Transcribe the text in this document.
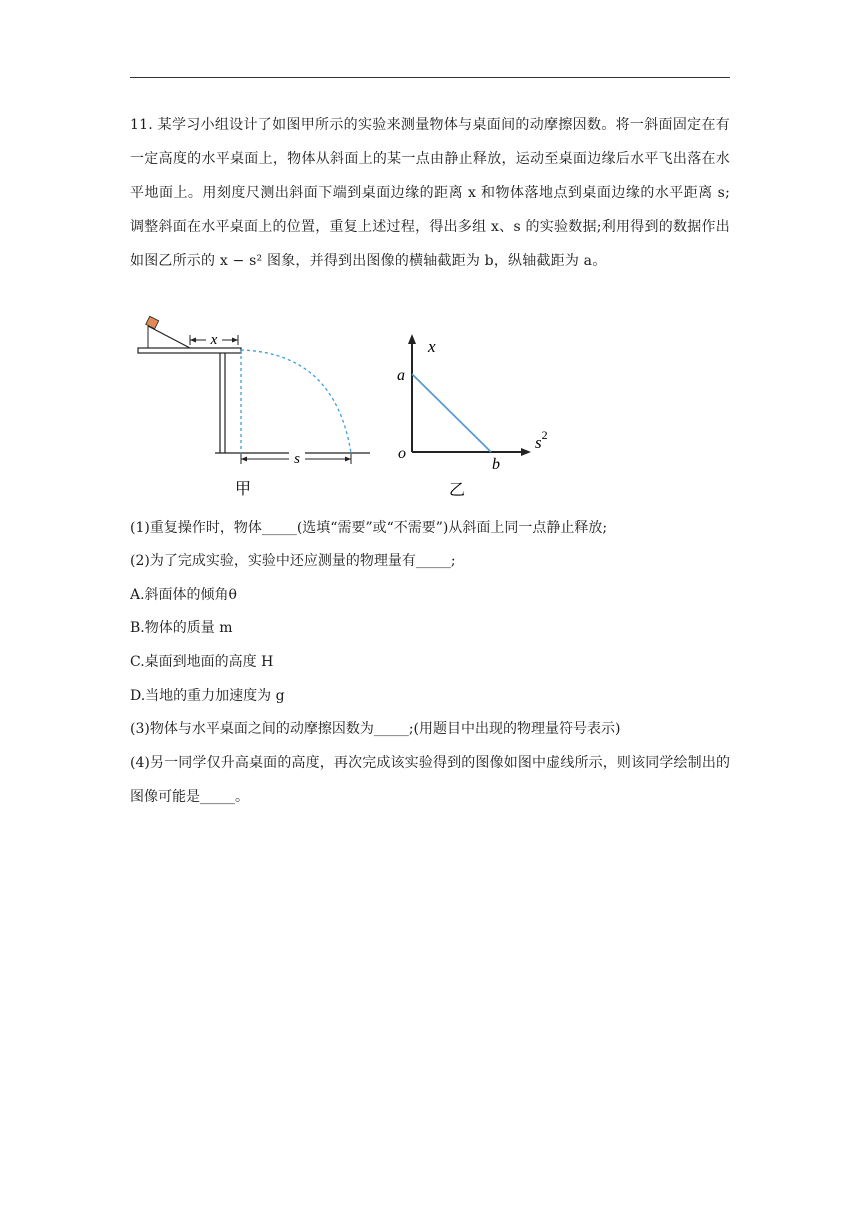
11. 某学习小组设计了如图甲所示的实验来测量物体与桌面间的动摩擦因数。将一斜面固定在有一定高度的水平桌面上，物体从斜面上的某一点由静止释放，运动至桌面边缘后水平飞出落在水平地面上。用刻度尺测出斜面下端到桌面边缘的距离 x 和物体落地点到桌面边缘的水平距离 s;调整斜面在水平桌面上的位置，重复上述过程，得出多组 x、s 的实验数据;利用得到的数据作出如图乙所示的 x − s² 图象，并得到出图像的横轴截距为 b，纵轴截距为 a。
x
s
甲
x
$s^2$
a
o
b
乙
(1)重复操作时，物体_____(选填“需要”或“不需要”)从斜面上同一点静止释放;
(2)为了完成实验，实验中还应测量的物理量有_____;
A.斜面体的倾角θ
B.物体的质量 m
C.桌面到地面的高度 H
D.当地的重力加速度为 g
(3)物体与水平桌面之间的动摩擦因数为_____;(用题目中出现的物理量符号表示)
(4)另一同学仅升高桌面的高度，再次完成该实验得到的图像如图中虚线所示，则该同学绘制出的图像可能是_____。
